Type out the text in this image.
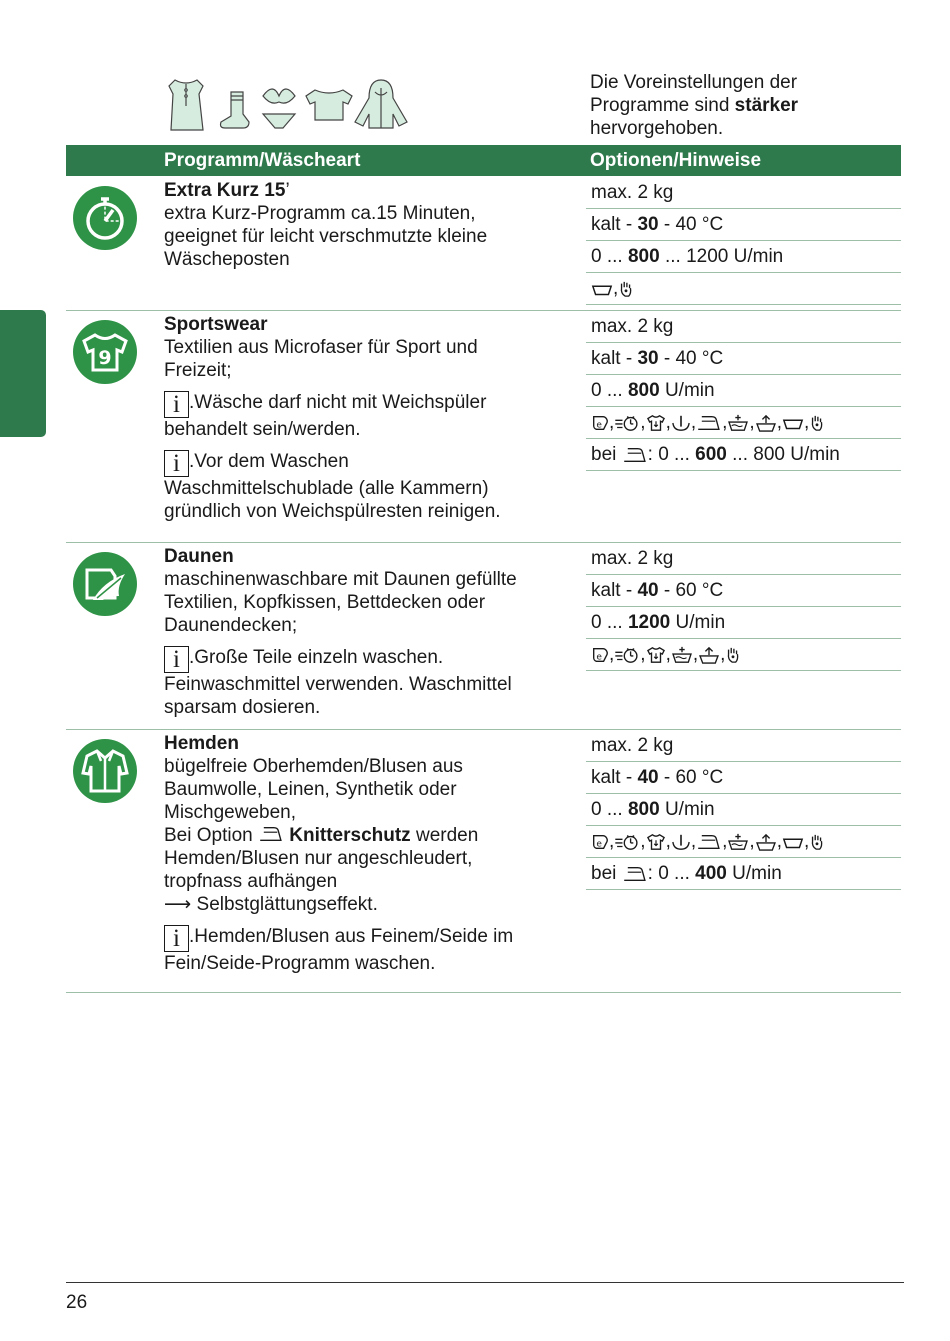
Die Voreinstellungen der
Programme sind stärker
hervorgehoben.
Programm/Wäscheart	Optionen/Hinweise

Extra Kurz 15’

extra Kurz-Programm ca.15 Minuten,

geeignet für leicht verschmutzte kleine

Wäscheposten

max. 2 kg
kalt - 30 - 40 °C
0 ... 800 ... 1200 U/min
,

Sportswear

Textilien aus Microfaser für Sport und

Freizeit;

i .Wäsche darf nicht mit Weichspüler

behandelt sein/werden.

i .Vor dem Waschen

Waschmittelschublade (alle Kammern)

gründlich von Weichspülresten reinigen.

max. 2 kg
kalt - 30 - 40 °C
0 ... 800 U/min
, , , , , , , ,
bei : 0 ... 600 ... 800 U/min

Daunen

maschinenwaschbare mit Daunen gefüllte

Textilien, Kopfkissen, Bettdecken oder

Daunendecken;

i .Große Teile einzeln waschen.

Feinwaschmittel verwenden. Waschmittel

sparsam dosieren.

max. 2 kg
kalt - 40 - 60 °C
0 ... 1200 U/min
, , , , ,

Hemden

bügelfreie Oberhemden/Blusen aus

Baumwolle, Leinen, Synthetik oder

Mischgeweben,

Bei Option  Knitterschutz werden

Hemden/Blusen nur angeschleudert,

tropfnass aufhängen

⟶ Selbstglättungseffekt.

i .Hemden/Blusen aus Feinem/Seide im

Fein/Seide-Programm waschen.

max. 2 kg
kalt - 40 - 60 °C
0 ... 800 U/min
, , , , , , , ,
bei : 0 ... 400 U/min
26
